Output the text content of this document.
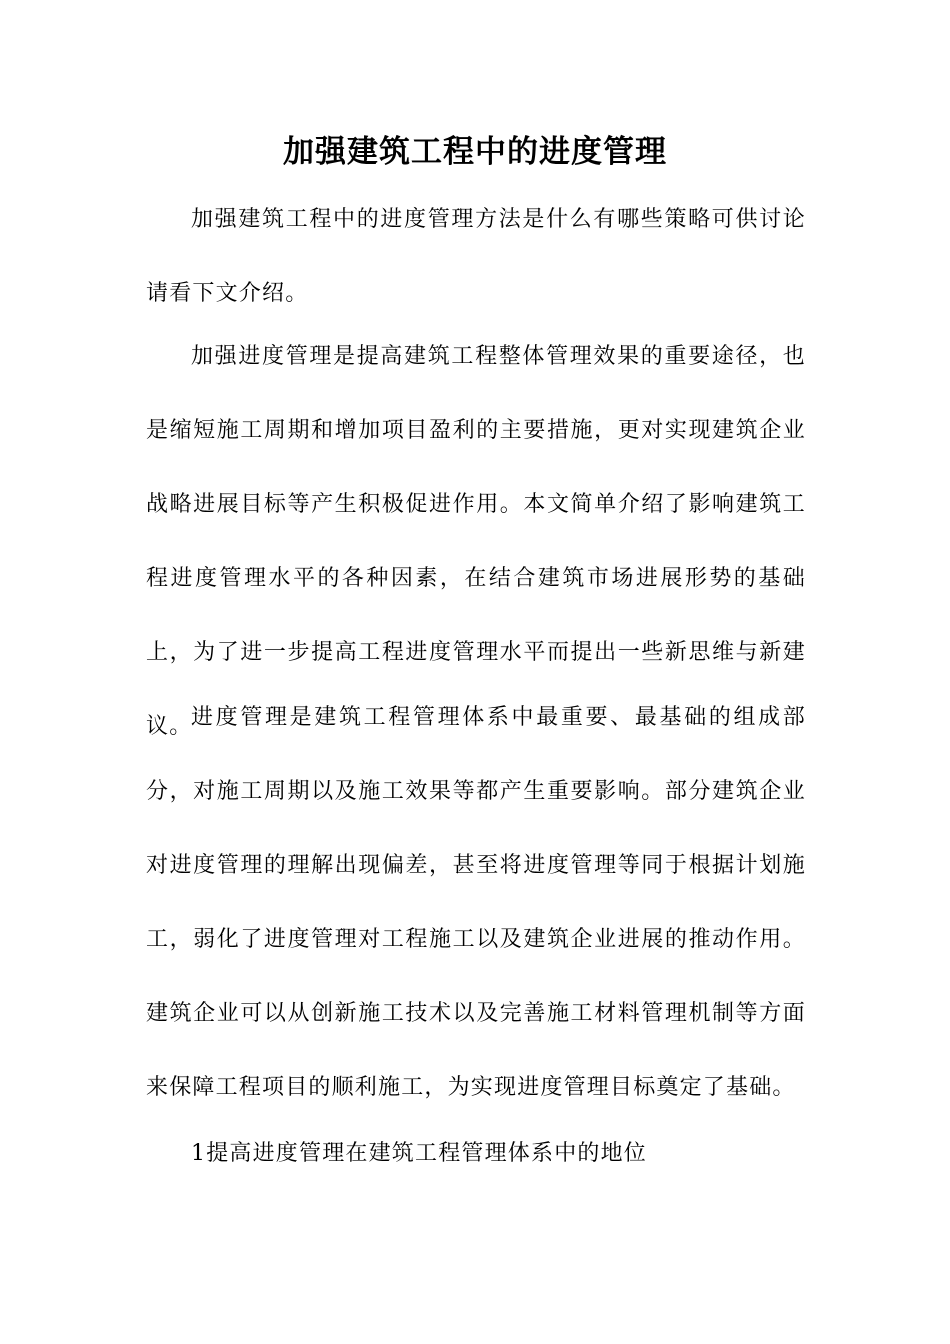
加强建筑工程中的进度管理

加强建筑工程中的进度管理方法是什么有哪些策略可供讨论请看下文介绍。

加强进度管理是提高建筑工程整体管理效果的重要途径，也是缩短施工周期和增加项目盈利的主要措施，更对实现建筑企业战略进展目标等产生积极促进作用。本文简单介绍了影响建筑工程进度管理水平的各种因素，在结合建筑市场进展形势的基础上，为了进一步提高工程进度管理水平而提出一些新思维与新建议。

进度管理是建筑工程管理体系中最重要、最基础的组成部分，对施工周期以及施工效果等都产生重要影响。部分建筑企业对进度管理的理解出现偏差，甚至将进度管理等同于根据计划施工，弱化了进度管理对工程施工以及建筑企业进展的推动作用。建筑企业可以从创新施工技术以及完善施工材料管理机制等方面来保障工程项目的顺利施工，为实现进度管理目标奠定了基础。

1提高进度管理在建筑工程管理体系中的地位
